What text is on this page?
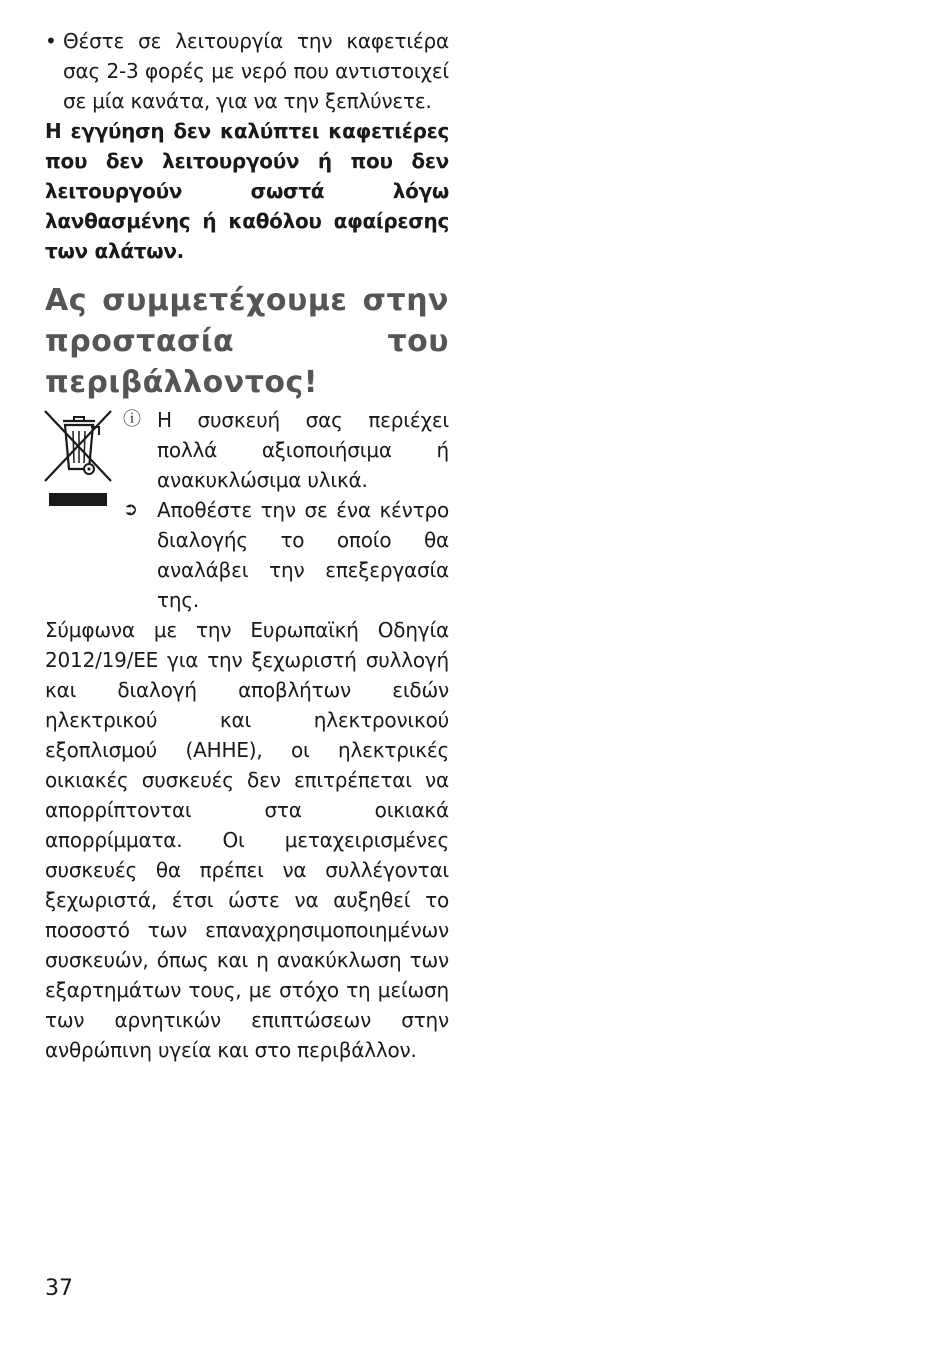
• Θέστε σε λειτουργία την καφετιέρα σας 2-3 φορές με νερό που αντιστοιχεί σε μία κανάτα, για να την ξεπλύνετε.

Η εγγύηση δεν καλύπτει καφετιέρες που δεν λειτουργούν ή που δεν λειτουργούν σωστά λόγω λανθασμένης ή καθόλου αφαίρεσης των αλάτων.

Ας συμμετέχουμε στην προστασία του περιβάλλοντος!
ⓘ Η συσκευή σας περιέχει πολλά αξιοποιήσιμα ή ανακυκλώσιμα υλικά.

➲ Αποθέστε την σε ένα κέντρο διαλογής το οποίο θα αναλάβει την επεξεργασία της.

Σύμφωνα με την Ευρωπαϊκή Οδηγία 2012/19/ΕΕ για την ξεχωριστή συλλογή και διαλογή αποβλήτων ειδών ηλεκτρικού και ηλεκτρονικού εξοπλισμού (ΑΗΗΕ), οι ηλεκτρικές οικιακές συσκευές δεν επιτρέπεται να απορρίπτονται στα οικιακά απορρίμματα. Οι μεταχειρισμένες συσκευές θα πρέπει να συλλέγονται ξεχωριστά, έτσι ώστε να αυξηθεί το ποσοστό των επαναχρησιμοποιημένων συσκευών, όπως και η ανακύκλωση των εξαρτημάτων τους, με στόχο τη μείωση των αρνητικών επιπτώσεων στην ανθρώπινη υγεία και στο περιβάλλον.

37
